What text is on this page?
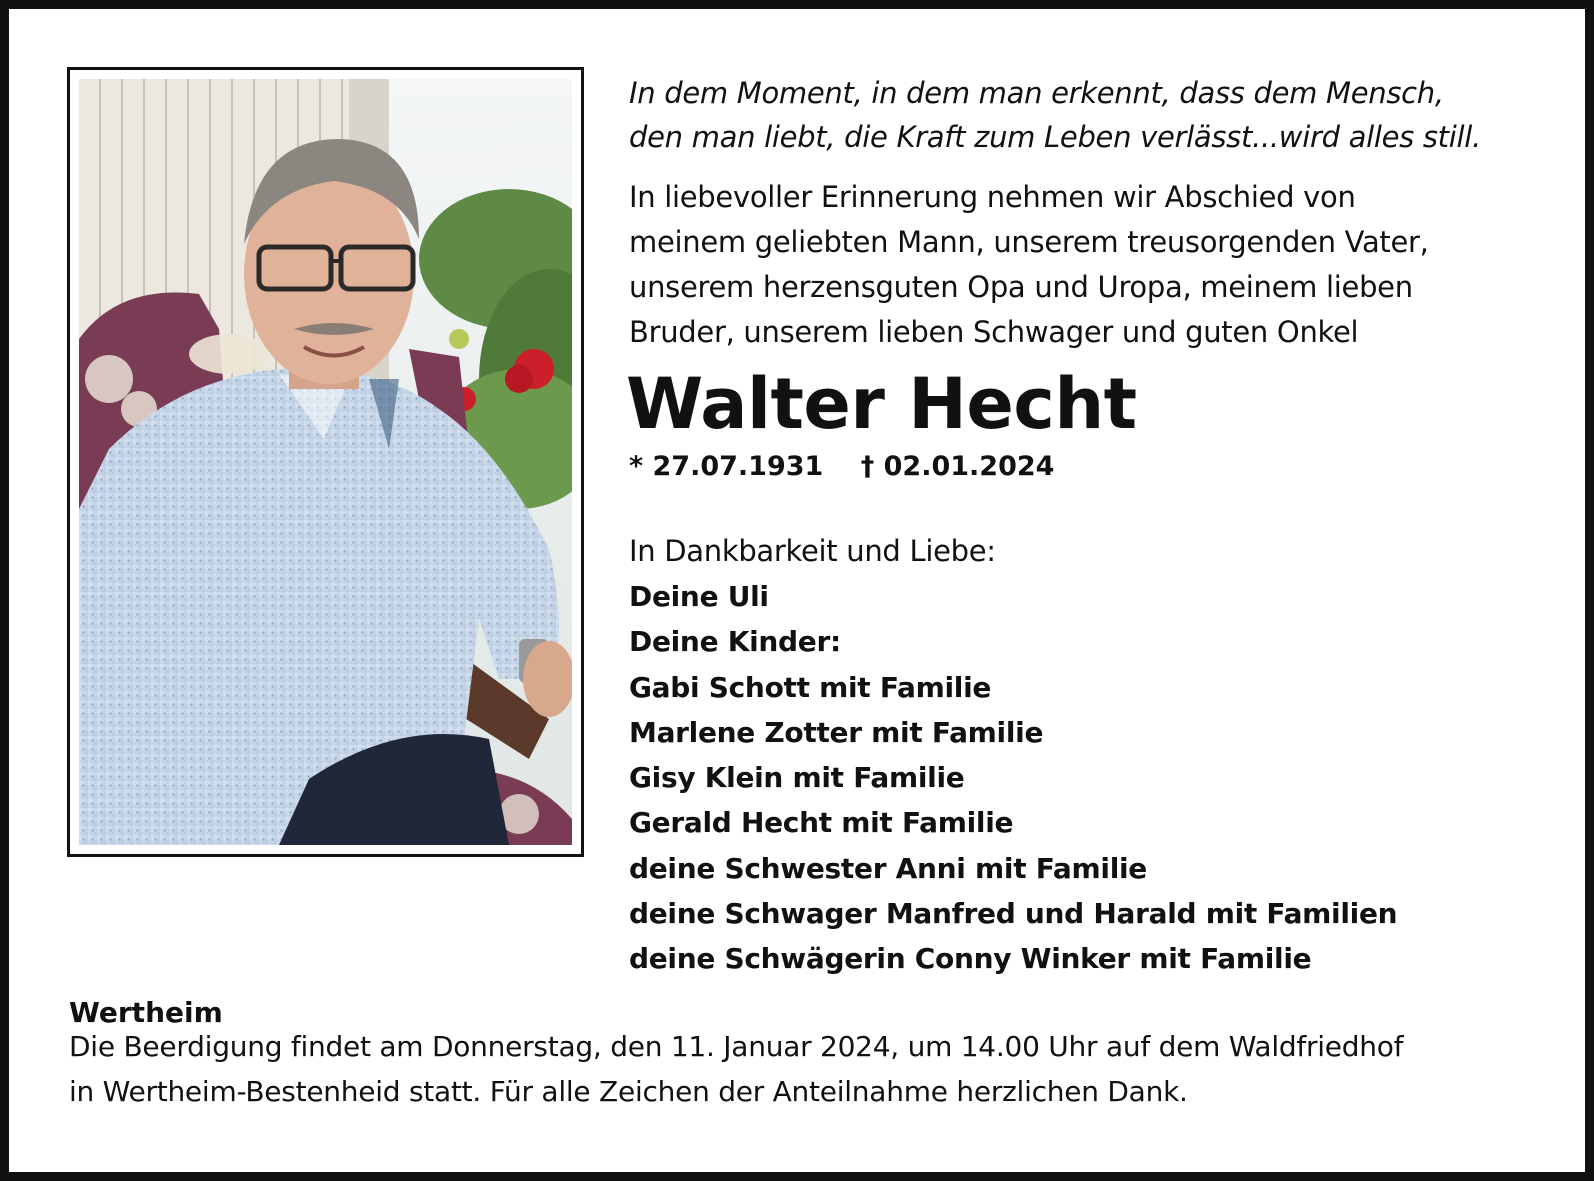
In dem Moment, in dem man erkennt, dass dem Mensch,
den man liebt, die Kraft zum Leben verlässt...wird alles still.

In liebevoller Erinnerung nehmen wir Abschied von
meinem geliebten Mann, unserem treusorgenden Vater,
unserem herzensguten Opa und Uropa, meinem lieben
Bruder, unserem lieben Schwager und guten Onkel

Walter Hecht

* 27.07.1931 † 02.01.2024

In Dankbarkeit und Liebe:

Deine Uli
Deine Kinder:
Gabi Schott mit Familie
Marlene Zotter mit Familie
Gisy Klein mit Familie
Gerald Hecht mit Familie
deine Schwester Anni mit Familie
deine Schwager Manfred und Harald mit Familien
deine Schwägerin Conny Winker mit Familie

Wertheim

Die Beerdigung findet am Donnerstag, den 11. Januar 2024, um 14.00 Uhr auf dem Waldfriedhof
in Wertheim-Bestenheid statt. Für alle Zeichen der Anteilnahme herzlichen Dank.
